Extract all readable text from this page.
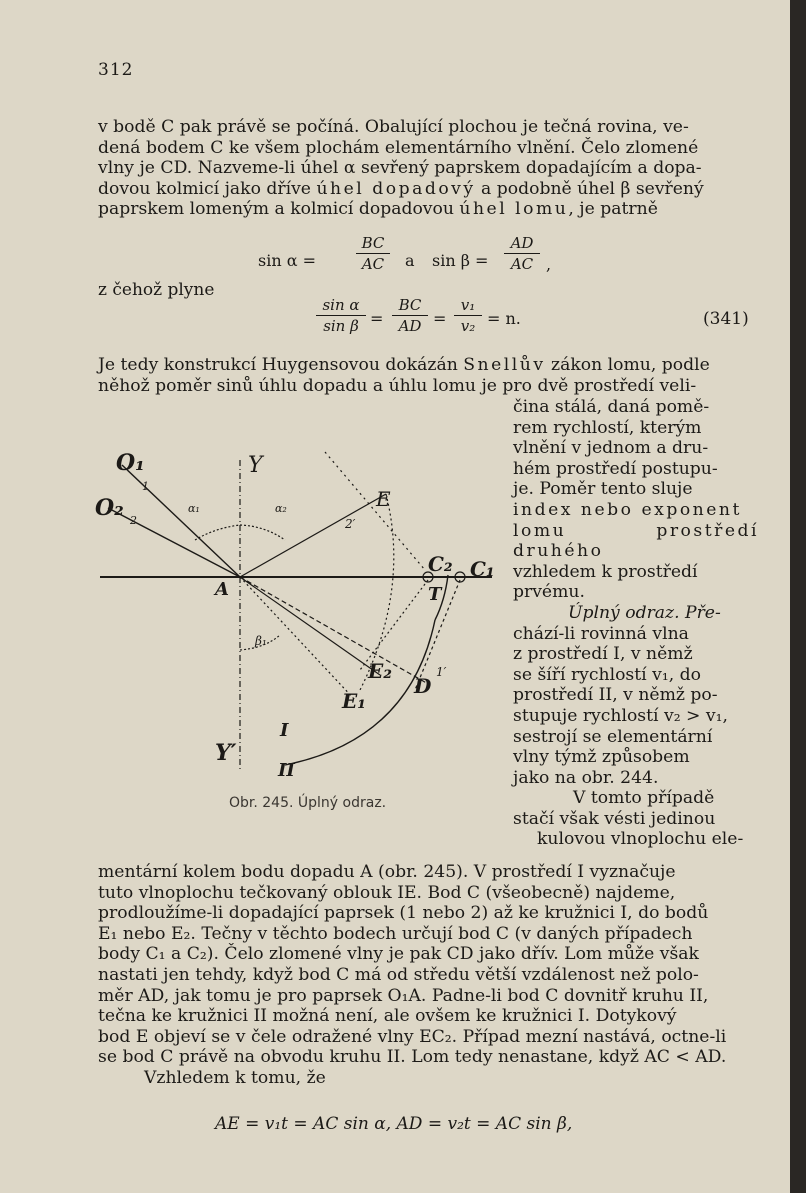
312
v bodě C pak právě se počíná. Obalující plochou je tečná rovina, ve-
dená bodem C ke všem plochám elementárního vlnění. Čelo zlomené
vlny je CD. Nazveme-li úhel α sevřený paprskem dopadajícím a dopa-
dovou kolmicí jako dříve úhel dopadový a podobně úhel β sevřený
paprskem lomeným a kolmicí dopadovou úhel lomu, je patrně
sin α =	$\frac{BC}{AC}$ a $\sin \beta = \frac{AD}{AC}$ ,
z čehož plyne
$\frac{\text{sin α}}{\text{sin β}} = \frac{BC}{AD} = \frac{\text{v₁}}{\text{v₂}} = n$.	(341)
Je tedy konstrukcí Huygensovou dokázán Snellův zákon lomu, podle
něhož poměr sinů úhlu dopadu a úhlu lomu je pro dvě prostředí veli-
čina stálá, daná pomě-
rem rychlostí, kterým
vlnění v jednom a dru-
hém prostředí postupu-
je. Poměr tento sluje
index nebo exponent
lomu prostředí druhého
vzhledem k prostředí
prvému.
Úplný odraz. Pře-
chází-li rovinná vlna
z prostředí I, v němž
se šíří rychlostí v₁, do
prostředí II, v němž po-
stupuje rychlostí v₂ > v₁,
sestrojí se elementární
vlny týmž způsobem
jako na obr. 244.
V tomto případě
stačí však vésti jedinou
kulovou vlnoplochu ele-
O₁
O₂
1
2
Y
Y′
A
E
E₁
E₂
C₁
C₂
T
D
I
II
α₁	α₂
β₁
1′
2′
Obr. 245. Úplný odraz.
mentární kolem bodu dopadu A (obr. 245). V prostředí I vyznačuje
tuto vlnoplochu tečkovaný oblouk IE. Bod C (všeobecně) najdeme,
prodloužíme-li dopadající paprsek (1 nebo 2) až ke kružnici I, do bodů
E₁ nebo E₂. Tečny v těchto bodech určují bod C (v daných případech
body C₁ a C₂). Čelo zlomené vlny je pak CD jako dřív. Lom může však
nastati jen tehdy, když bod C má od středu větší vzdálenost než polo-
měr AD, jak tomu je pro paprsek O₁A. Padne-li bod C dovnitř kruhu II,
tečna ke kružnici II možná není, ale ovšem ke kružnici I. Dotykový
bod E objeví se v čele odražené vlny EC₂. Případ mezní nastává, octne-li
se bod C právě na obvodu kruhu II. Lom tedy nenastane, když AC < AD.
Vzhledem k tomu, že
AE = v₁t = AC sin α, AD = v₂t = AC sin β,
